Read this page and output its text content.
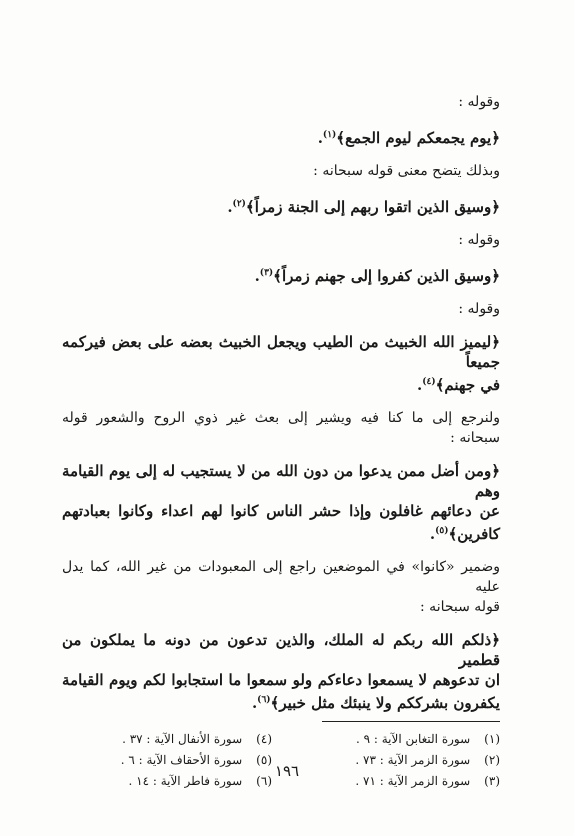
وقوله :
﴿يوم يجمعكم ليوم الجمع﴾$^{(١)}$.
وبذلك يتضح معنى قوله سبحانه :
﴿وسيق الذين اتقوا ربهم إلى الجنة زمراً﴾$^{(٢)}$.
وقوله :
﴿وسيق الذين كفروا إلى جهنم زمراً﴾$^{(٣)}$.
وقوله :
﴿ليميز الله الخبيث من الطيب ويجعل الخبيث بعضه على بعض فيركمه جميعاً
في جهنم﴾$^{(٤)}$.
ولنرجع إلى ما كنا فيه ويشير إلى بعث غير ذوي الروح والشعور قوله
سبحانه :
﴿ومن أضل ممن يدعوا من دون الله من لا يستجيب له إلى يوم القيامة وهم
عن دعائهم غافلون وإذا حشر الناس كانوا لهم اعداء وكانوا بعبادتهم
كافرين﴾$^{(٥)}$.
وضمير «كانوا» في الموضعين راجع إلى المعبودات من غير الله، كما يدل عليه
قوله سبحانه :
﴿ذلكم الله ربكم له الملك، والذين تدعون من دونه ما يملكون من قطمير
ان تدعوهم لا يسمعوا دعاءكم ولو سمعوا ما استجابوا لكم ويوم القيامة
يكفرون بشرككم ولا ينبئك مثل خبير﴾$^{(٦)}$.
(١) سورة التغابن الآية : ٩ .
(٤) سورة الأنفال الآية : ٣٧ .
(٢) سورة الزمر الآية : ٧٣ .
(٥) سورة الأحقاف الآية : ٦ .
(٣) سورة الزمر الآية : ٧١ .
(٦) سورة فاطر الآية : ١٤ .
١٩٦
